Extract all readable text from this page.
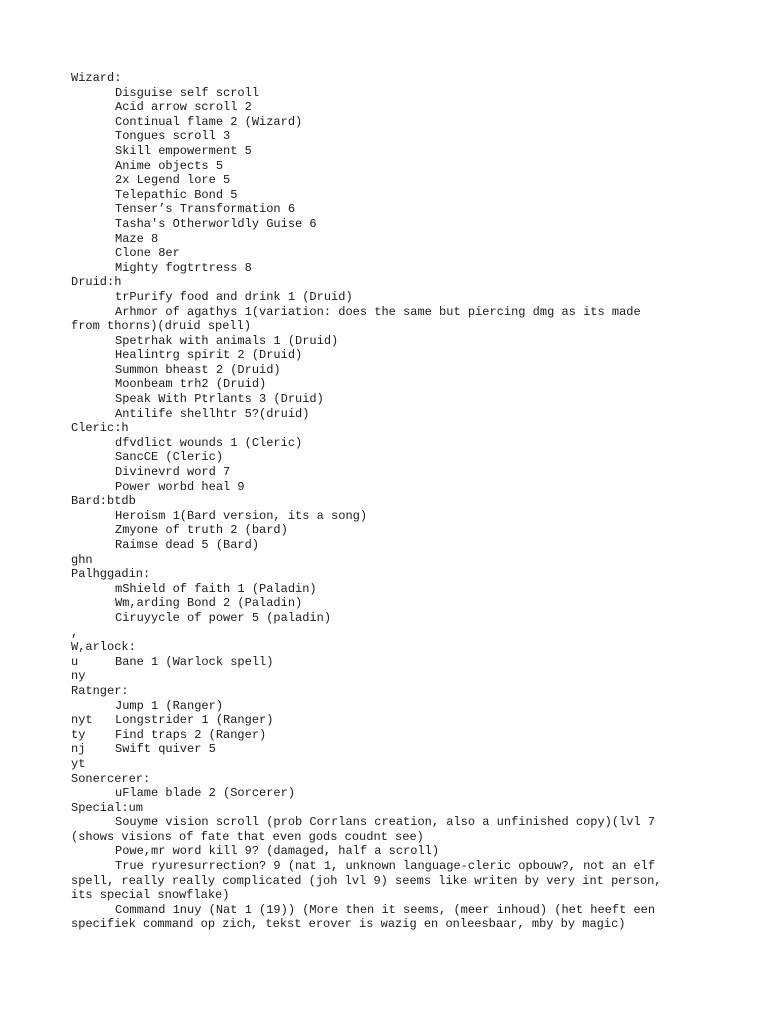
Wizard:
Disguise self scroll
Acid arrow scroll 2
Continual flame 2 (Wizard)
Tongues scroll 3
Skill empowerment 5
Anime objects 5
2x Legend lore 5
Telepathic Bond 5
Tenser’s Transformation 6
Tasha's Otherworldly Guise 6
Maze 8
Clone 8er
Mighty fogtrtress 8
Druid:h
trPurify food and drink 1 (Druid)
Arhmor of agathys 1(variation: does the same but piercing dmg as its made
from thorns)(druid spell)
Spetrhak with animals 1 (Druid)
Healintrg spirit 2 (Druid)
Summon bheast 2 (Druid)
Moonbeam trh2 (Druid)
Speak With Ptrlants 3 (Druid)
Antilife shellhtr 5?(druid)
Cleric:h
dfvdlict wounds 1 (Cleric)
SancCE (Cleric)
Divinevrd word 7
Power worbd heal 9
Bard:btdb
Heroism 1(Bard version, its a song)
Zmyone of truth 2 (bard)
Raimse dead 5 (Bard)
ghn
Palhggadin:
mShield of faith 1 (Paladin)
Wm,arding Bond 2 (Paladin)
Ciruyycle of power 5 (paladin)
,
W,arlock:
u	Bane 1 (Warlock spell)
ny
Ratnger:
Jump 1 (Ranger)
nyt Longstrider 1 (Ranger)
ty Find traps 2 (Ranger)
nj Swift quiver 5
yt
Sonercerer:
uFlame blade 2 (Sorcerer)
Special:um
Souyme vision scroll (prob Corrlans creation, also a unfinished copy)(lvl 7
(shows visions of fate that even gods coudnt see)
Powe,mr word kill 9? (damaged, half a scroll)
True ryuresurrection? 9 (nat 1, unknown language-cleric opbouw?, not an elf
spell, really really complicated (joh lvl 9) seems like writen by very int person,
its special snowflake)
Command 1nuy (Nat 1 (19)) (More then it seems, (meer inhoud) (het heeft een
specifiek command op zich, tekst erover is wazig en onleesbaar, mby by magic)
